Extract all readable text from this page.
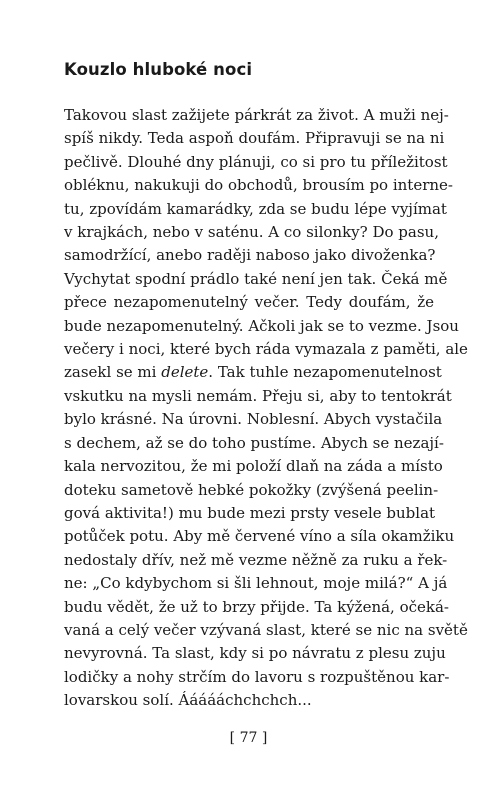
Kouzlo hluboké noci
Takovou slast zažijete párkrát za život. A muži nej-
spíš nikdy. Teda aspoň doufám. Připravuji se na ni
pečlivě. Dlouhé dny plánuji, co si pro tu příležitost
obléknu, nakukuji do obchodů, brousím po interne-
tu, zpovídám kamarádky, zda se budu lépe vyjímat
v krajkách, nebo v saténu. A co silonky? Do pasu,
samodržící, anebo raději naboso jako divoženka?
Vychytat spodní prádlo také není jen tak. Čeká mě
přece nezapomenutelný večer. Tedy doufám, že
bude nezapomenutelný. Ačkoli jak se to vezme. Jsou
večery i noci, které bych ráda vymazala z paměti, ale
zasekl se mi delete. Tak tuhle nezapomenutelnost
vskutku na mysli nemám. Přeju si, aby to tentokrát
bylo krásné. Na úrovni. Noblesní. Abych vystačila
s dechem, až se do toho pustíme. Abych se nezají-
kala nervozitou, že mi položí dlaň na záda a místo
doteku sametově hebké pokožky (zvýšená peelin-
gová aktivita!) mu bude mezi prsty vesele bublat
potůček potu. Aby mě červené víno a síla okamžiku
nedostaly dřív, než mě vezme něžně za ruku a řek-
ne: „Co kdybychom si šli lehnout, moje milá?“ A já
budu vědět, že už to brzy přijde. Ta kýžená, očeká-
vaná a celý večer vzývaná slast, které se nic na světě
nevyrovná. Ta slast, kdy si po návratu z plesu zuju
lodičky a nohy strčím do lavoru s rozpuštěnou kar-
lovarskou solí. Áááááchchchch...
[ 77 ]
